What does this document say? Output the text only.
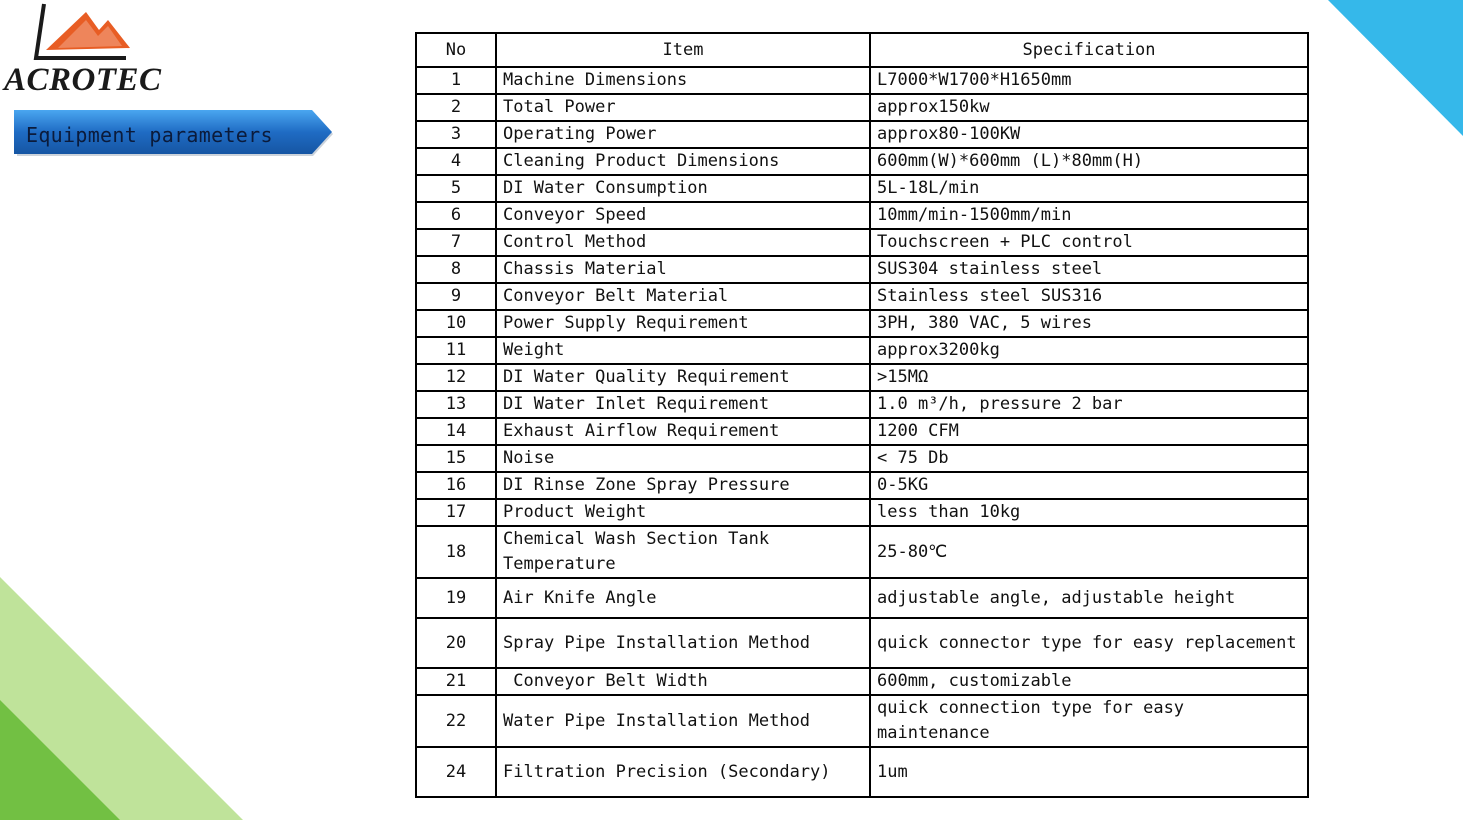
ACROTEC
Equipment parameters
No	Item	Specification
1	Machine Dimensions	L7000*W1700*H1650mm
2	Total Power	approx150kw
3	Operating Power	approx80-100KW
4	Cleaning Product Dimensions	600mm(W)*600mm (L)*80mm(H)
5	DI Water Consumption	5L-18L/min
6	Conveyor Speed	10mm/min-1500mm/min
7	Control Method	Touchscreen + PLC control
8	Chassis Material	SUS304 stainless steel
9	Conveyor Belt Material	Stainless steel SUS316
10	Power Supply Requirement	3PH, 380 VAC, 5 wires
11	Weight	approx3200kg
12	DI Water Quality Requirement	>15MΩ
13	DI Water Inlet Requirement	1.0 m³/h, pressure 2 bar
14	Exhaust Airflow Requirement	1200 CFM
15	Noise	< 75 Db
16	DI Rinse Zone Spray Pressure	0-5KG
17	Product Weight	less than 10kg
18	Chemical Wash Section Tank Temperature	25-80℃
19	Air Knife Angle	adjustable angle, adjustable height
20	Spray Pipe Installation Method	quick connector type for easy replacement
21	Conveyor Belt Width	600mm, customizable
22	Water Pipe Installation Method	quick connection type for easy maintenance
24	Filtration Precision (Secondary)	1um
